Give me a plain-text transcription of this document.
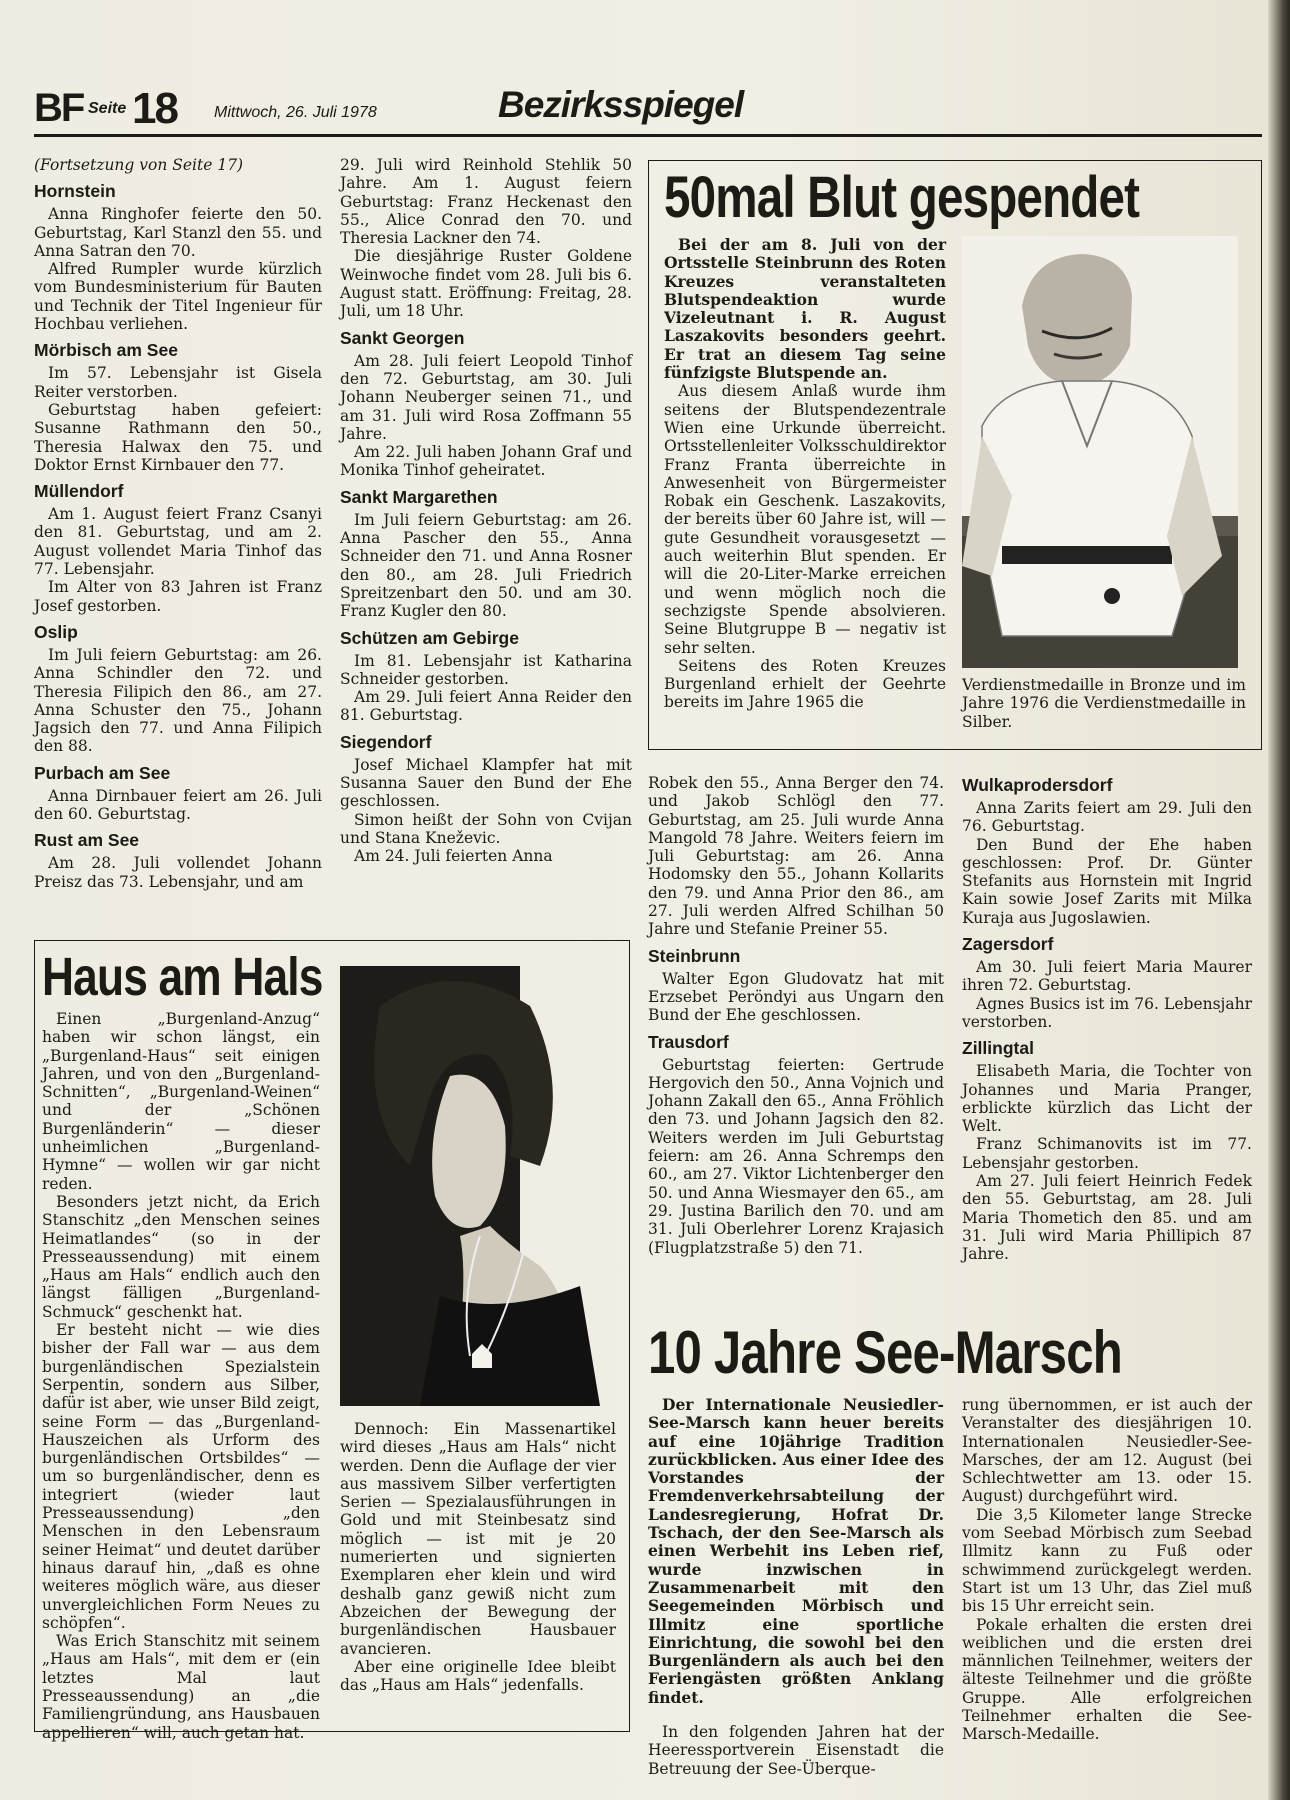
BF Seite 18 Mittwoch, 26. Juli 1978	Bezirksspiegel

(Fortsetzung von Seite 17)

Hornstein

Anna Ringhofer feierte den 50. Geburtstag, Karl Stanzl den 55. und Anna Satran den 70.

Alfred Rumpler wurde kürzlich vom Bundesministerium für Bauten und Technik der Titel Ingenieur für Hochbau verliehen.

Mörbisch am See

Im 57. Lebensjahr ist Gisela Reiter verstorben.

Geburtstag haben gefeiert: Susanne Rathmann den 50., Theresia Halwax den 75. und Doktor Ernst Kirnbauer den 77.

Müllendorf

Am 1. August feiert Franz Csanyi den 81. Geburtstag, und am 2. August vollendet Maria Tinhof das 77. Lebensjahr.

Im Alter von 83 Jahren ist Franz Josef gestorben.

Oslip

Im Juli feiern Geburtstag: am 26. Anna Schindler den 72. und Theresia Filipich den 86., am 27. Anna Schuster den 75., Johann Jagsich den 77. und Anna Filipich den 88.

Purbach am See

Anna Dirnbauer feiert am 26. Juli den 60. Geburtstag.

Rust am See

Am 28. Juli vollendet Johann Preisz das 73. Lebensjahr, und am

29. Juli wird Reinhold Stehlik 50 Jahre. Am 1. August feiern Geburtstag: Franz Heckenast den 55., Alice Conrad den 70. und Theresia Lackner den 74.

Die diesjährige Ruster Goldene Weinwoche findet vom 28. Juli bis 6. August statt. Eröffnung: Freitag, 28. Juli, um 18 Uhr.

Sankt Georgen

Am 28. Juli feiert Leopold Tinhof den 72. Geburtstag, am 30. Juli Johann Neuberger seinen 71., und am 31. Juli wird Rosa Zoffmann 55 Jahre.

Am 22. Juli haben Johann Graf und Monika Tinhof geheiratet.

Sankt Margarethen

Im Juli feiern Geburtstag: am 26. Anna Pascher den 55., Anna Schneider den 71. und Anna Rosner den 80., am 28. Juli Friedrich Spreitzenbart den 50. und am 30. Franz Kugler den 80.

Schützen am Gebirge

Im 81. Lebensjahr ist Katharina Schneider gestorben.

Am 29. Juli feiert Anna Reider den 81. Geburtstag.

Siegendorf

Josef Michael Klampfer hat mit Susanna Sauer den Bund der Ehe geschlossen.

Simon heißt der Sohn von Cvijan und Stana Kneževic.

Am 24. Juli feierten Anna

50mal Blut gespendet

Bei der am 8. Juli von der Ortsstelle Steinbrunn des Roten Kreuzes veranstalteten Blutspendeaktion wurde Vizeleutnant i. R. August Laszakovits besonders geehrt. Er trat an diesem Tag seine fünfzigste Blutspende an.

Aus diesem Anlaß wurde ihm seitens der Blutspendezentrale Wien eine Urkunde überreicht. Ortsstellenleiter Volksschuldirektor Franz Franta überreichte in Anwesenheit von Bürgermeister Robak ein Geschenk. Laszakovits, der bereits über 60 Jahre ist, will — gute Gesundheit vorausgesetzt — auch weiterhin Blut spenden. Er will die 20-Liter-Marke erreichen und wenn möglich noch die sechzigste Spende absolvieren. Seine Blutgruppe B — negativ ist sehr selten.

Seitens des Roten Kreuzes Burgenland erhielt der Geehrte bereits im Jahre 1965 die

Verdienstmedaille in Bronze und im Jahre 1976 die Verdienstmedaille in Silber.

Robek den 55., Anna Berger den 74. und Jakob Schlögl den 77. Geburtstag, am 25. Juli wurde Anna Mangold 78 Jahre. Weiters feiern im Juli Geburtstag: am 26. Anna Hodomsky den 55., Johann Kollarits den 79. und Anna Prior den 86., am 27. Juli werden Alfred Schilhan 50 Jahre und Stefanie Preiner 55.

Steinbrunn

Walter Egon Gludovatz hat mit Erzsebet Peröndyi aus Ungarn den Bund der Ehe geschlossen.

Trausdorf

Geburtstag feierten: Gertrude Hergovich den 50., Anna Vojnich und Johann Zakall den 65., Anna Fröhlich den 73. und Johann Jagsich den 82. Weiters werden im Juli Geburtstag feiern: am 26. Anna Schremps den 60., am 27. Viktor Lichtenberger den 50. und Anna Wiesmayer den 65., am 29. Justina Barilich den 70. und am 31. Juli Oberlehrer Lorenz Krajasich (Flugplatzstraße 5) den 71.

Wulkaprodersdorf

Anna Zarits feiert am 29. Juli den 76. Geburtstag.

Den Bund der Ehe haben geschlossen: Prof. Dr. Günter Stefanits aus Hornstein mit Ingrid Kain sowie Josef Zarits mit Milka Kuraja aus Jugoslawien.

Zagersdorf

Am 30. Juli feiert Maria Maurer ihren 72. Geburtstag.

Agnes Busics ist im 76. Lebensjahr verstorben.

Zillingtal

Elisabeth Maria, die Tochter von Johannes und Maria Pranger, erblickte kürzlich das Licht der Welt.

Franz Schimanovits ist im 77. Lebensjahr gestorben.

Am 27. Juli feiert Heinrich Fedek den 55. Geburtstag, am 28. Juli Maria Thometich den 85. und am 31. Juli wird Maria Phillipich 87 Jahre.

Haus am Hals

Einen „Burgenland-Anzug“ haben wir schon längst, ein „Burgenland-Haus“ seit einigen Jahren, und von den „Burgenland-Schnitten“, „Burgenland-Weinen“ und der „Schönen Burgenländerin“ — dieser unheimlichen „Burgenland-Hymne“ — wollen wir gar nicht reden.

Besonders jetzt nicht, da Erich Stanschitz „den Menschen seines Heimatlandes“ (so in der Presseaussendung) mit einem „Haus am Hals“ endlich auch den längst fälligen „Burgenland-Schmuck“ geschenkt hat.

Er besteht nicht — wie dies bisher der Fall war — aus dem burgenländischen Spezialstein Serpentin, sondern aus Silber, dafür ist aber, wie unser Bild zeigt, seine Form — das „Burgenland-Hauszeichen als Urform des burgenländischen Ortsbildes“ — um so burgenländischer, denn es integriert (wieder laut Presseaussendung) „den Menschen in den Lebensraum seiner Heimat“ und deutet darüber hinaus darauf hin, „daß es ohne weiteres möglich wäre, aus dieser unvergleichlichen Form Neues zu schöpfen“.

Was Erich Stanschitz mit seinem „Haus am Hals“, mit dem er (ein letztes Mal laut Presseaussendung) an „die Familiengründung, ans Hausbauen appellieren“ will, auch getan hat.

Dennoch: Ein Massenartikel wird dieses „Haus am Hals“ nicht werden. Denn die Auflage der vier aus massivem Silber verfertigten Serien — Spezialausführungen in Gold und mit Steinbesatz sind möglich — ist mit je 20 numerierten und signierten Exemplaren eher klein und wird deshalb ganz gewiß nicht zum Abzeichen der Bewegung der burgenländischen Hausbauer avancieren.

Aber eine originelle Idee bleibt das „Haus am Hals“ jedenfalls.

10 Jahre See-Marsch

Der Internationale Neusiedler-See-Marsch kann heuer bereits auf eine 10jährige Tradition zurückblicken. Aus einer Idee des Vorstandes der Fremdenverkehrsabteilung der Landesregierung, Hofrat Dr. Tschach, der den See-Marsch als einen Werbehit ins Leben rief, wurde inzwischen in Zusammenarbeit mit den Seegemeinden Mörbisch und Illmitz eine sportliche Einrichtung, die sowohl bei den Burgenländern als auch bei den Feriengästen größten Anklang findet.

In den folgenden Jahren hat der Heeressportverein Eisenstadt die Betreuung der See-Überque-

rung übernommen, er ist auch der Veranstalter des diesjährigen 10. Internationalen Neusiedler-See-Marsches, der am 12. August (bei Schlechtwetter am 13. oder 15. August) durchgeführt wird.

Die 3,5 Kilometer lange Strecke vom Seebad Mörbisch zum Seebad Illmitz kann zu Fuß oder schwimmend zurückgelegt werden. Start ist um 13 Uhr, das Ziel muß bis 15 Uhr erreicht sein.

Pokale erhalten die ersten drei weiblichen und die ersten drei männlichen Teilnehmer, weiters der älteste Teilnehmer und die größte Gruppe. Alle erfolgreichen Teilnehmer erhalten die See-Marsch-Medaille.
